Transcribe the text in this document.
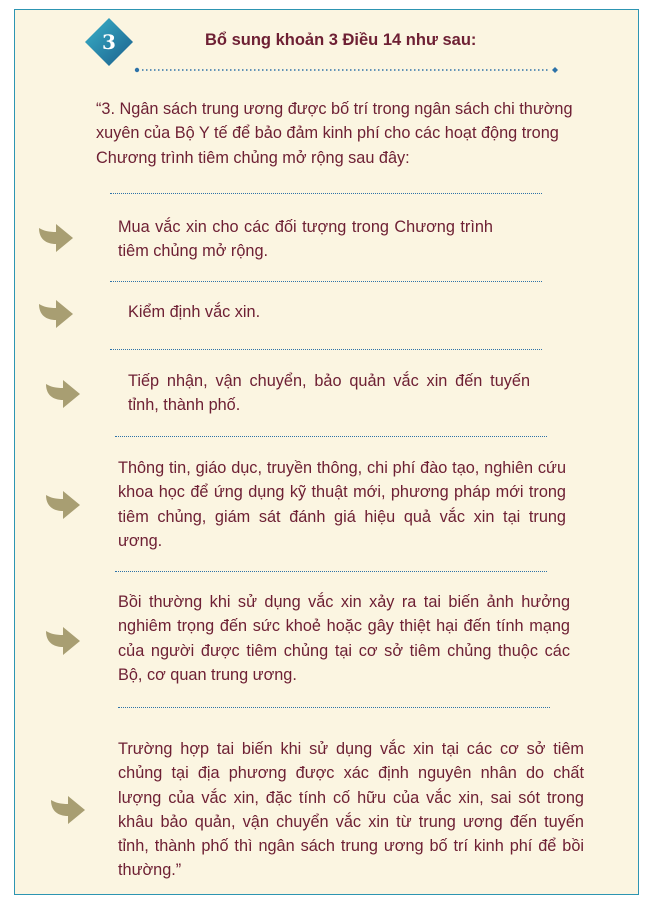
3	Bổ sung khoản 3 Điều 14 như sau:
“3. Ngân sách trung ương được bố trí trong ngân sách chi thường xuyên của Bộ Y tế để bảo đảm kinh phí cho các hoạt động trong Chương trình tiêm chủng mở rộng sau đây:
Mua vắc xin cho các đối tượng trong Chương trình tiêm chủng mở rộng.
Kiểm định vắc xin.
Tiếp nhận, vận chuyển, bảo quản vắc xin đến tuyến tỉnh, thành phố.
Thông tin, giáo dục, truyền thông, chi phí đào tạo, nghiên cứu khoa học để ứng dụng kỹ thuật mới, phương pháp mới trong tiêm chủng, giám sát đánh giá hiệu quả vắc xin tại trung ương.
Bồi thường khi sử dụng vắc xin xảy ra tai biến ảnh hưởng nghiêm trọng đến sức khoẻ hoặc gây thiệt hại đến tính mạng của người được tiêm chủng tại cơ sở tiêm chủng thuộc các Bộ, cơ quan trung ương.
Trường hợp tai biến khi sử dụng vắc xin tại các cơ sở tiêm chủng tại địa phương được xác định nguyên nhân do chất lượng của vắc xin, đặc tính cố hữu của vắc xin, sai sót trong khâu bảo quản, vận chuyển vắc xin từ trung ương đến tuyến tỉnh, thành phố thì ngân sách trung ương bố trí kinh phí để bồi thường.”
